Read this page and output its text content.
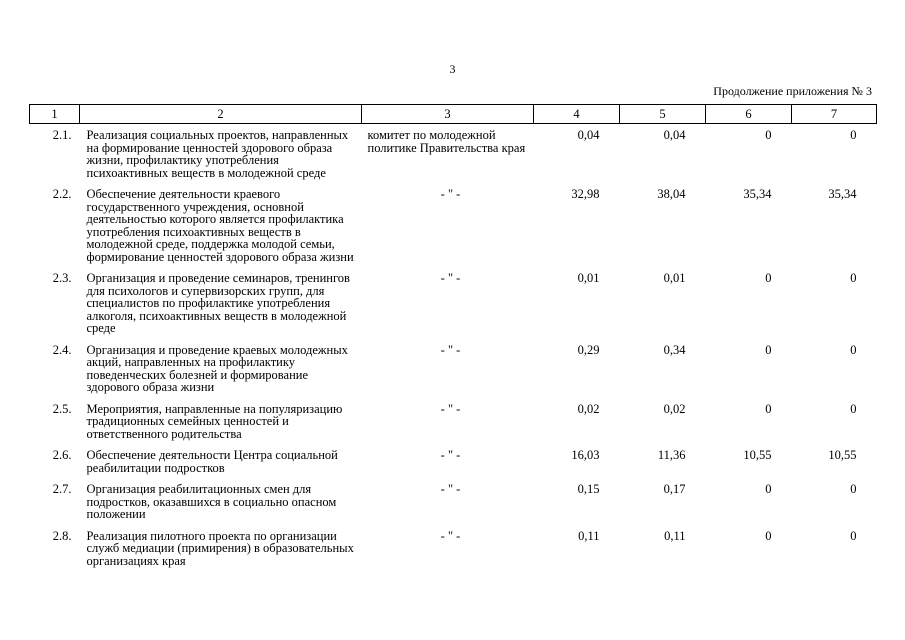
3
Продолжение приложения № 3
1	2	3	4	5	6	7
2.1.	Реализация социальных проектов, направленных на формирование ценностей здорового образа жизни, профилактику употребления психоактивных веществ в молодежной среде	комитет по молодежной политике Правительства края	0,04	0,04	0	0
2.2.	Обеспечение деятельности краевого государственного учреждения, основной деятельностью которого является профилактика употребления психоактивных веществ в молодежной среде, поддержка молодой семьи, формирование ценностей здорового образа жизни	- " -	32,98	38,04	35,34	35,34
2.3.	Организация и проведение семинаров, тренингов для психологов и супервизорских групп, для специалистов по профилактике употребления алкоголя, психоактивных веществ в молодежной среде	- " -	0,01	0,01	0	0
2.4.	Организация и проведение краевых молодежных акций, направленных на профилактику поведенческих болезней и формирование здорового образа жизни	- " -	0,29	0,34	0	0
2.5.	Мероприятия, направленные на популяризацию традиционных семейных ценностей и ответственного родительства	- " -	0,02	0,02	0	0
2.6.	Обеспечение деятельности Центра социальной реабилитации подростков	- " -	16,03	11,36	10,55	10,55
2.7.	Организация реабилитационных смен для подростков, оказавшихся в социально опасном положении	- " -	0,15	0,17	0	0
2.8.	Реализация пилотного проекта по организации служб медиации (примирения) в образовательных организациях края	- " -	0,11	0,11	0	0
